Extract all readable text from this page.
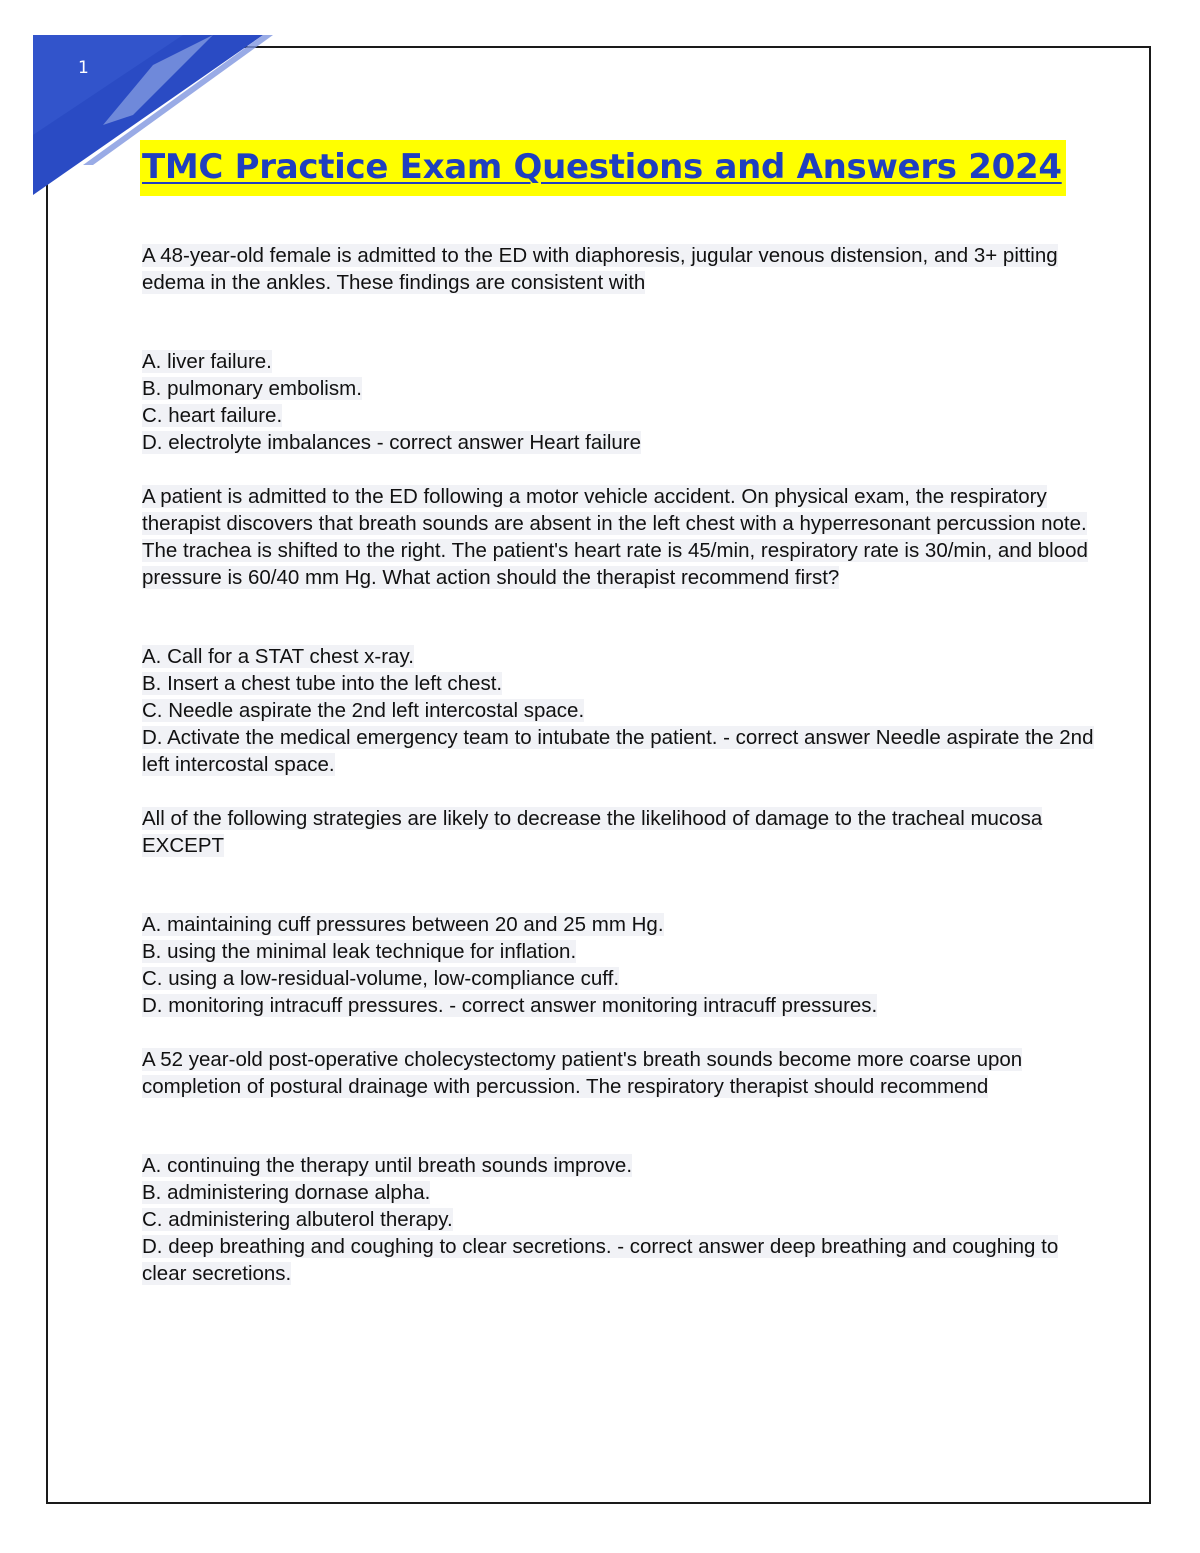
1
TMC Practice Exam Questions and Answers 2024

A 48-year-old female is admitted to the ED with diaphoresis, jugular venous distension, and 3+ pitting edema in the ankles. These findings are consistent with

A. liver failure.
B. pulmonary embolism.
C. heart failure.
D. electrolyte imbalances - correct answer Heart failure

A patient is admitted to the ED following a motor vehicle accident. On physical exam, the respiratory therapist discovers that breath sounds are absent in the left chest with a hyperresonant percussion note. The trachea is shifted to the right. The patient's heart rate is 45/min, respiratory rate is 30/min, and blood pressure is 60/40 mm Hg. What action should the therapist recommend first?

A. Call for a STAT chest x-ray.
B. Insert a chest tube into the left chest.
C. Needle aspirate the 2nd left intercostal space.
D. Activate the medical emergency team to intubate the patient. - correct answer Needle aspirate the 2nd left intercostal space.

All of the following strategies are likely to decrease the likelihood of damage to the tracheal mucosa EXCEPT

A. maintaining cuff pressures between 20 and 25 mm Hg.
B. using the minimal leak technique for inflation.
C. using a low-residual-volume, low-compliance cuff.
D. monitoring intracuff pressures. - correct answer monitoring intracuff pressures.

A 52 year-old post-operative cholecystectomy patient's breath sounds become more coarse upon completion of postural drainage with percussion. The respiratory therapist should recommend

A. continuing the therapy until breath sounds improve.
B. administering dornase alpha.
C. administering albuterol therapy.
D. deep breathing and coughing to clear secretions. - correct answer deep breathing and coughing to clear secretions.
